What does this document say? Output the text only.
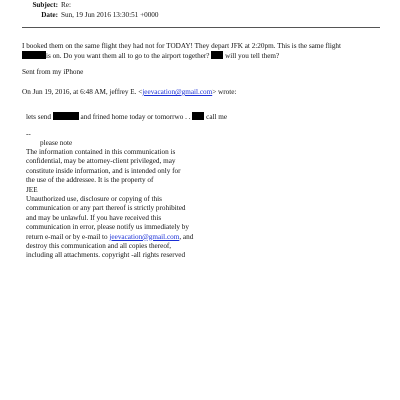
Subject: Re:
Date: Sun, 19 Jun 2016 13:30:51 +0000
I booked them on the same flight they had not for TODAY! They depart JFK at 2:20pm. This is the same flight
is on. Do you want them all to go to the airport together? will you tell them?
Sent from my iPhone
On Jun 19, 2016, at 6:48 AM, jeffrey E. <jeevacation@gmail.com> wrote:
lets send	and frined home today or tomorrwo . . call me
--
please note
The information contained in this communication is
confidential, may be attorney-client privileged, may
constitute inside information, and is intended only for
the use of the addressee. It is the property of
JEE
Unauthorized use, disclosure or copying of this
communication or any part thereof is strictly prohibited
and may be unlawful. If you have received this
communication in error, please notify us immediately by
return e-mail or by e-mail to jeevacation@gmail.com, and
destroy this communication and all copies thereof,
including all attachments. copyright -all rights reserved
